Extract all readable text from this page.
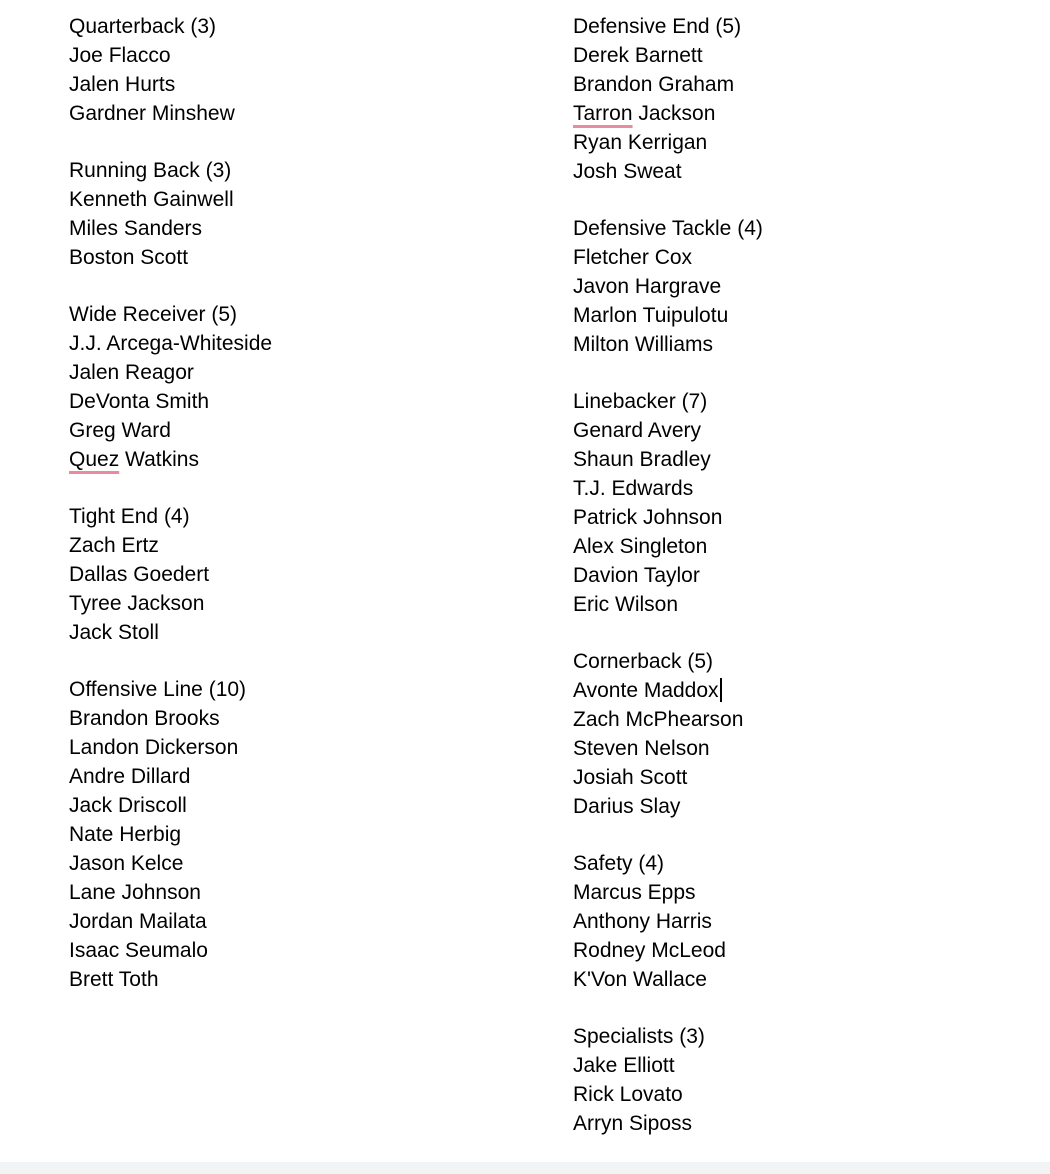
Quarterback (3)
Joe Flacco
Jalen Hurts
Gardner Minshew
Running Back (3)
Kenneth Gainwell
Miles Sanders
Boston Scott
Wide Receiver (5)
J.J. Arcega-Whiteside
Jalen Reagor
DeVonta Smith
Greg Ward
Quez Watkins
Tight End (4)
Zach Ertz
Dallas Goedert
Tyree Jackson
Jack Stoll
Offensive Line (10)
Brandon Brooks
Landon Dickerson
Andre Dillard
Jack Driscoll
Nate Herbig
Jason Kelce
Lane Johnson
Jordan Mailata
Isaac Seumalo
Brett Toth
Defensive End (5)
Derek Barnett
Brandon Graham
Tarron Jackson
Ryan Kerrigan
Josh Sweat
Defensive Tackle (4)
Fletcher Cox
Javon Hargrave
Marlon Tuipulotu
Milton Williams
Linebacker (7)
Genard Avery
Shaun Bradley
T.J. Edwards
Patrick Johnson
Alex Singleton
Davion Taylor
Eric Wilson
Cornerback (5)
Avonte Maddox
Zach McPhearson
Steven Nelson
Josiah Scott
Darius Slay
Safety (4)
Marcus Epps
Anthony Harris
Rodney McLeod
K'Von Wallace
Specialists (3)
Jake Elliott
Rick Lovato
Arryn Siposs
